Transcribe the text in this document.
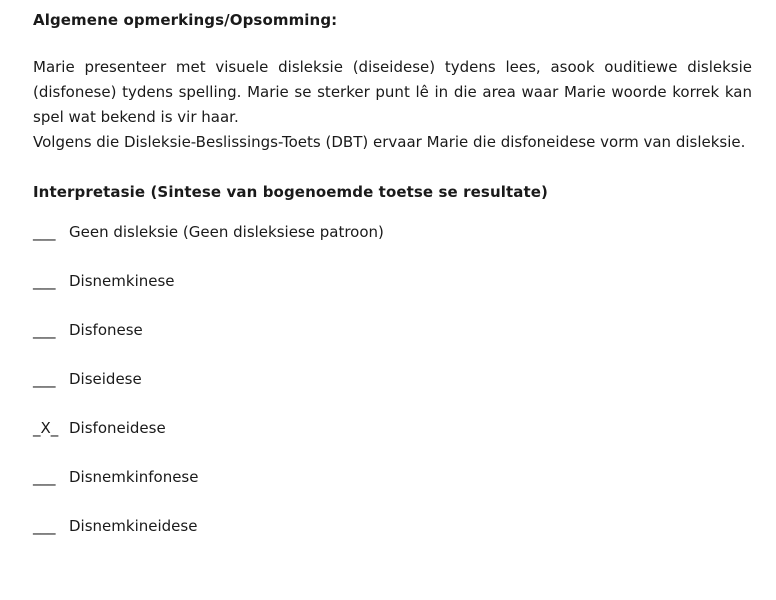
Algemene opmerkings/Opsomming:

Marie presenteer met visuele disleksie (diseidese) tydens lees, asook ouditiewe disleksie (disfonese) tydens spelling. Marie se sterker punt lê in die area waar Marie woorde korrek kan spel wat bekend is vir haar.

Volgens die Disleksie-Beslissings-Toets (DBT) ervaar Marie die disfoneidese vorm van disleksie.

Interpretasie (Sintese van bogenoemde toetse se resultate)
___ Geen disleksie (Geen disleksiese patroon)
___ Disnemkinese
___ Disfonese
___ Diseidese
_X_ Disfoneidese
___ Disnemkinfonese
___ Disnemkineidese
